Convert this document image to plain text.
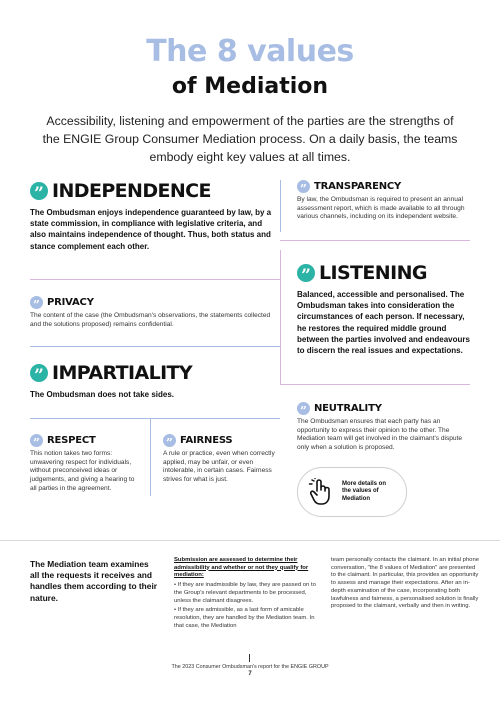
The 8 values
of Mediation
Accessibility, listening and empowerment of the parties are the strengths of the ENGIE Group Consumer Mediation process. On a daily basis, the teams embody eight key values at all times.
” INDEPENDENCE
The Ombudsman enjoys independence guaranteed by law, by a state commission, in compliance with legislative criteria, and also maintains independence of thought. Thus, both status and stance complement each other.
” TRANSPARENCY
By law, the Ombudsman is required to present an annual assessment report, which is made available to all through various channels, including on its independent website.
” PRIVACY
The content of the case (the Ombudsman's observations, the statements collected and the solutions proposed) remains confidential.
” LISTENING
Balanced, accessible and personalised. The Ombudsman takes into consideration the circumstances of each person. If necessary, he restores the required middle ground between the parties involved and endeavours to discern the real issues and expectations.
” IMPARTIALITY
The Ombudsman does not take sides.
” NEUTRALITY
The Ombudsman ensures that each party has an opportunity to express their opinion to the other. The Mediation team will get involved in the claimant's dispute only when a solution is proposed.
” RESPECT
This notion takes two forms: unwavering respect for individuals, without preconceived ideas or judgements, and giving a hearing to all parties in the agreement.
” FAIRNESS
A rule or practice, even when correctly applied, may be unfair, or even intolerable, in certain cases. Fairness strives for what is just.
More details on the values of Mediation
The Mediation team examines all the requests it receives and handles them according to their nature.

Submission are assessed to determine their admissibility and whether or not they qualify for mediation:

• If they are inadmissible by law, they are passed on to the Group's relevant departments to be processed, unless the claimant disagrees.

• If they are admissible, as a last form of amicable resolution, they are handled by the Mediation team. In that case, the Mediation

team personally contacts the claimant. In an initial phone conversation, "the 8 values of Mediation" are presented to the claimant. In particular, this provides an opportunity to assess and manage their expectations. After an in-depth examination of the case, incorporating both lawfulness and fairness, a personalised solution is finally proposed to the claimant, verbally and then in writing.
The 2023 Consumer Ombudsman's report for the ENGIE GROUP
7
